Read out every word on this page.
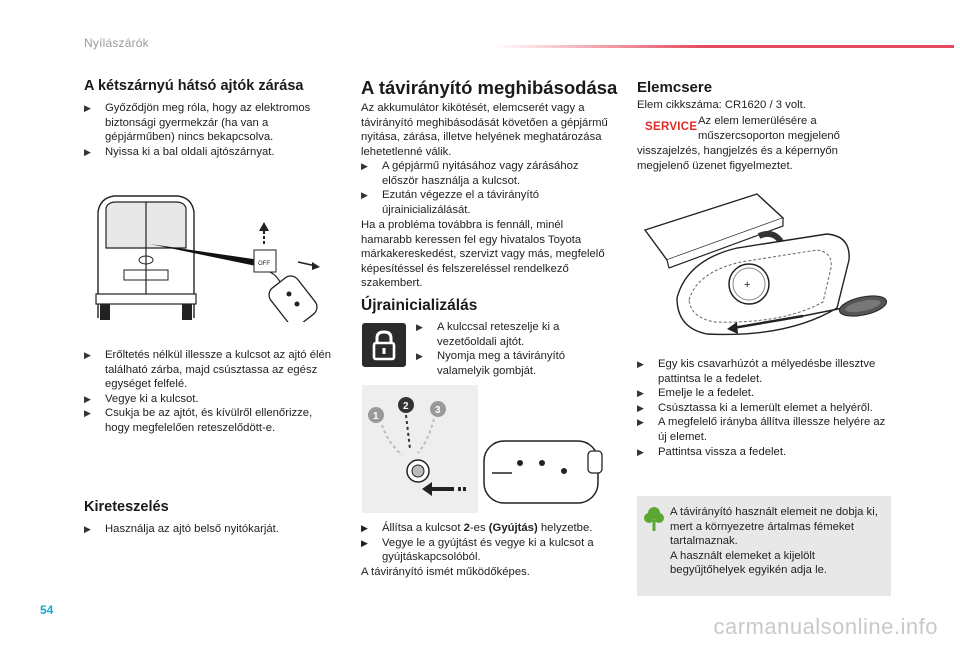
Nyílászárók
A kétszárnyú hátsó ajtók zárása
▶ Győződjön meg róla, hogy az elektromos biztonsági gyermekzár (ha van a gépjárműben) nincs bekapcsolva.
▶ Nyissa ki a bal oldali ajtószárnyat.
OFF
▶ Erőltetés nélkül illessze a kulcsot az ajtó élén található zárba, majd csúsztassa az egész egységet felfelé.
▶ Vegye ki a kulcsot.
▶ Csukja be az ajtót, és kívülről ellenőrizze, hogy megfelelően reteszelődött-e.
Kireteszelés
▶ Használja az ajtó belső nyitókarját.
A távirányító meghibásodása
Az akkumulátor kikötését, elemcserét vagy a távirányító meghibásodását követően a gépjármű nyitása, zárása, illetve helyének meghatározása lehetetlenné válik.
▶ A gépjármű nyitásához vagy zárásához először használja a kulcsot.
▶ Ezután végezze el a távirányító újrainicializálását.
Ha a probléma továbbra is fennáll, minél hamarabb keressen fel egy hivatalos Toyota márkakereskedést, szervizt vagy más, megfelelő képesítéssel és felszereléssel rendelkező szakembert.
Újrainicializálás
▶ A kulccsal reteszelje ki a vezetőoldali ajtót.
▶ Nyomja meg a távirányító valamelyik gombját.
1
2	3
▶ Állítsa a kulcsot 2-es (Gyújtás) helyzetbe.
▶ Vegye le a gyújtást és vegye ki a kulcsot a gyújtáskapcsolóból.
A távirányító ismét működőképes.
Elemcsere
Elem cikkszáma: CR1620 / 3 volt.
SERVICE Az elem lemerülésére a
műszercsoporton megjelenő
visszajelzés, hangjelzés és a képernyőn megjelenő üzenet figyelmeztet.
+
▶ Egy kis csavarhúzót a mélyedésbe illesztve pattintsa le a fedelet.
▶ Emelje le a fedelet.
▶ Csúsztassa ki a lemerült elemet a helyéről.
▶ A megfelelő irányba állítva illessze helyére az új elemet.
▶ Pattintsa vissza a fedelet.
A távirányító használt elemeit ne dobja ki, mert a környezetre ártalmas fémeket tartalmaznak.
A használt elemeket a kijelölt begyűjtőhelyek egyikén adja le.
54
carmanualsonline.info
